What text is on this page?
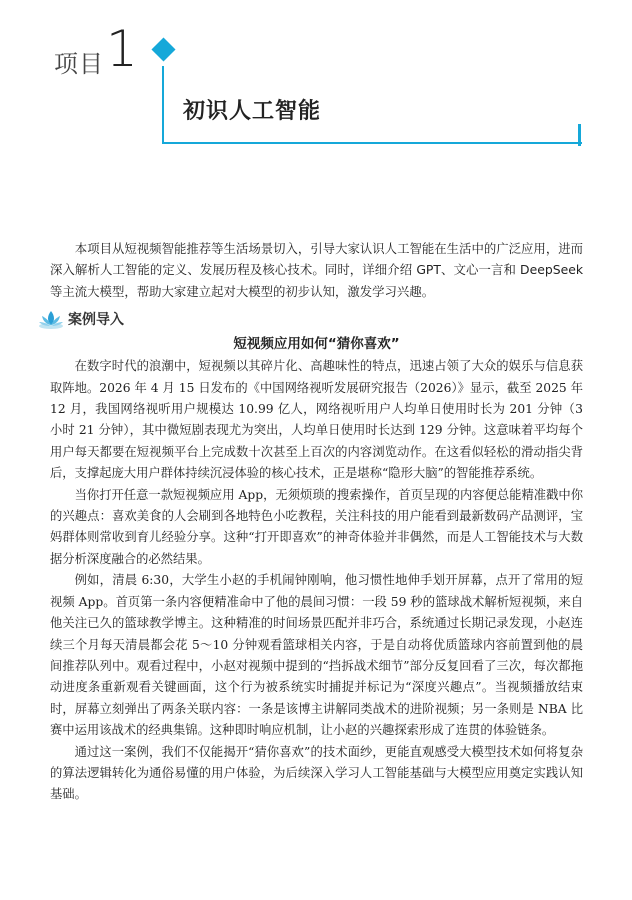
项目 1
初识人工智能

本项目从短视频智能推荐等生活场景切入，引导大家认识人工智能在生活中的广泛应用，进而深入解析人工智能的定义、发展历程及核心技术。同时，详细介绍 GPT、文心一言和 DeepSeek 等主流大模型，帮助大家建立起对大模型的初步认知，激发学习兴趣。

案例导入
短视频应用如何“猜你喜欢”

在数字时代的浪潮中，短视频以其碎片化、高趣味性的特点，迅速占领了大众的娱乐与信息获取阵地。2026 年 4 月 15 日发布的《中国网络视听发展研究报告（2026）》显示，截至 2025 年 12 月，我国网络视听用户规模达 10.99 亿人，网络视听用户人均单日使用时长为 201 分钟（3 小时 21 分钟），其中微短剧表现尤为突出，人均单日使用时长达到 129 分钟。这意味着平均每个用户每天都要在短视频平台上完成数十次甚至上百次的内容浏览动作。在这看似轻松的滑动指尖背后，支撑起庞大用户群体持续沉浸体验的核心技术，正是堪称“隐形大脑”的智能推荐系统。

当你打开任意一款短视频应用 App，无须烦琐的搜索操作，首页呈现的内容便总能精准戳中你的兴趣点：喜欢美食的人会刷到各地特色小吃教程，关注科技的用户能看到最新数码产品测评，宝妈群体则常收到育儿经验分享。这种“打开即喜欢”的神奇体验并非偶然，而是人工智能技术与大数据分析深度融合的必然结果。

例如，清晨 6:30，大学生小赵的手机闹钟刚响，他习惯性地伸手划开屏幕，点开了常用的短视频 App。首页第一条内容便精准命中了他的晨间习惯：一段 59 秒的篮球战术解析短视频，来自他关注已久的篮球教学博主。这种精准的时间场景匹配并非巧合，系统通过长期记录发现，小赵连续三个月每天清晨都会花 5～10 分钟观看篮球相关内容，于是自动将优质篮球内容前置到他的晨间推荐队列中。观看过程中，小赵对视频中提到的“挡拆战术细节”部分反复回看了三次，每次都拖动进度条重新观看关键画面，这个行为被系统实时捕捉并标记为“深度兴趣点”。当视频播放结束时，屏幕立刻弹出了两条关联内容：一条是该博主讲解同类战术的进阶视频；另一条则是 NBA 比赛中运用该战术的经典集锦。这种即时响应机制，让小赵的兴趣探索形成了连贯的体验链条。

通过这一案例，我们不仅能揭开“猜你喜欢”的技术面纱，更能直观感受大模型技术如何将复杂的算法逻辑转化为通俗易懂的用户体验，为后续深入学习人工智能基础与大模型应用奠定实践认知基础。
